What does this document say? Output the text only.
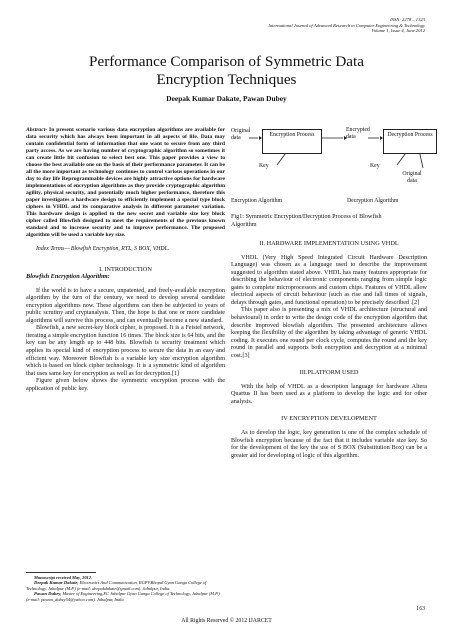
ISSN: 2278 – 1323
International Journal of Advanced Research in Computer Engineering & Technology
Volume 1, Issue 4, June 2012
Performance Comparison of Symmetric Data
Encryption Techniques
Deepak Kumar Dakate, Pawan Dubey
Abstract- In present scenario various data encryption algorithms are available for data security which has always been important in all aspects of life. Data may contain confidential form of information that one want to secure from any third party access. As we are having number of cryptographic algorithm so sometimes it can create little bit confusion to select best one. This paper provides a view to choose the best available one on the basis of their performance parameter. It can be all the more important as technology continues to control various operations in our day to day life Reprogrammable devices are highly attractive options for hardware implementations of encryption algorithms as they provide cryptographic algorithm agility, physical security, and potentially much higher performance, therefore this paper investigates a hardware design to efficiently implement a special type block ciphers in VHDL and its comparative analysis in different parameter variation. This hardware design is applied to the new secret and variable size key block cipher called Blowfish designed to meet the requirements of the previous known standard and to increase security and to improve performance. The proposed algorithm will be used a variable key size.
Index Terms— Blowfish Encryption, RTL, S BOX, VHDL.
I. INTRODUCTION
Blowfish Encryption Algorithm:

If the world is to have a secure, unpatented, and freely-available encryption algorithm by the turn of the century, we need to develop several candidate encryption algorithms now. These algorithms can then be subjected to years of public scrutiny and cryptanalysis. Then, the hope is that one or more candidate algorithms will survive this process, and can eventually become a new standard.

Blowfish, a new secret-key block cipher, is proposed. It is a Feistel network, iterating a simple encryption function 16 times. The block size is 64 bits, and the key can be any length up to 448 bits. Blowfish is security treatment which applies its special kind of encryption process to secure the data in an easy and efficient way. Moreover Blowfish is a variable key size encryption algorithm which is based on block cipher technology. It is a symmetric kind of algorithm that uses same key for encryption as well as for decryption.[1]

Figure given below shows the symmetric encryption process with the application of public key.

Manuscript received May, 2012.
Deepak Kumar Dakate, Electronics And Communication, RGPV,Bhopal Gyan Ganga College of Technology, Jabalpur (M.P.) (e-mail: deepakdakate@gmail.com). Jabalpur, India.
Pawan Dubey, Master of Engineering,EC Jabalpur Gyan Ganga College of Technology, Jabalpur (M.P.) (e-mail: pawan_dubey54@yahoo.com). Jabalpur, India
Original data	Encryption Process
Encrypted data	Decryption Process
Key	Key
Original data
Encryption Algorithm	Decryption Algorithm
Fig1: Symmetric Encryption/Decryption Process of Blowfish Algorithm
II. HARDWARE IMPLEMENTATION USING VHDL

VHDL (Very High Speed Integrated Circuit Hardware Description Language) was chosen as a language used to describe the improvement suggested to algorithm stated above. VHDL has many features appropriate for describing the behaviour of electronic components ranging from simple logic gates to complete microprocessors and custom chips. Features of VHDL allow electrical aspects of circuit behaviour (such as rise and fall times of signals, delays through gates, and functional operation) to be precisely described .[2]

This paper also is presenting a mix of VHDL architecture (structural and behavioural) in order to write the design code of the encryption algorithm that describe improved blowfish algorithm. The presented architecture allows keeping the flexibility of the algorithm by taking advantage of generic VHDL coding. It executes one round per clock cycle, computes the round and the key round in parallel and supports both encryption and decryption at a minimal cost.[3]

III.PLATFORM USED

With the help of VHDL as a description language for hardware Altera Quartus II has been used as a platform to develop the logic and for other analysis.

IV ENCRYPTION DEVELOPMENT

As to develop the logic, key generation is one of the complex schedule of Blowfish encryption because of the fact that it includes variable size key. So for the development of the key the use of S BOX (Substitution Box) can be a greater aid for developing of logic of this algorithm.

163
All Rights Reserved © 2012 IJARCET
